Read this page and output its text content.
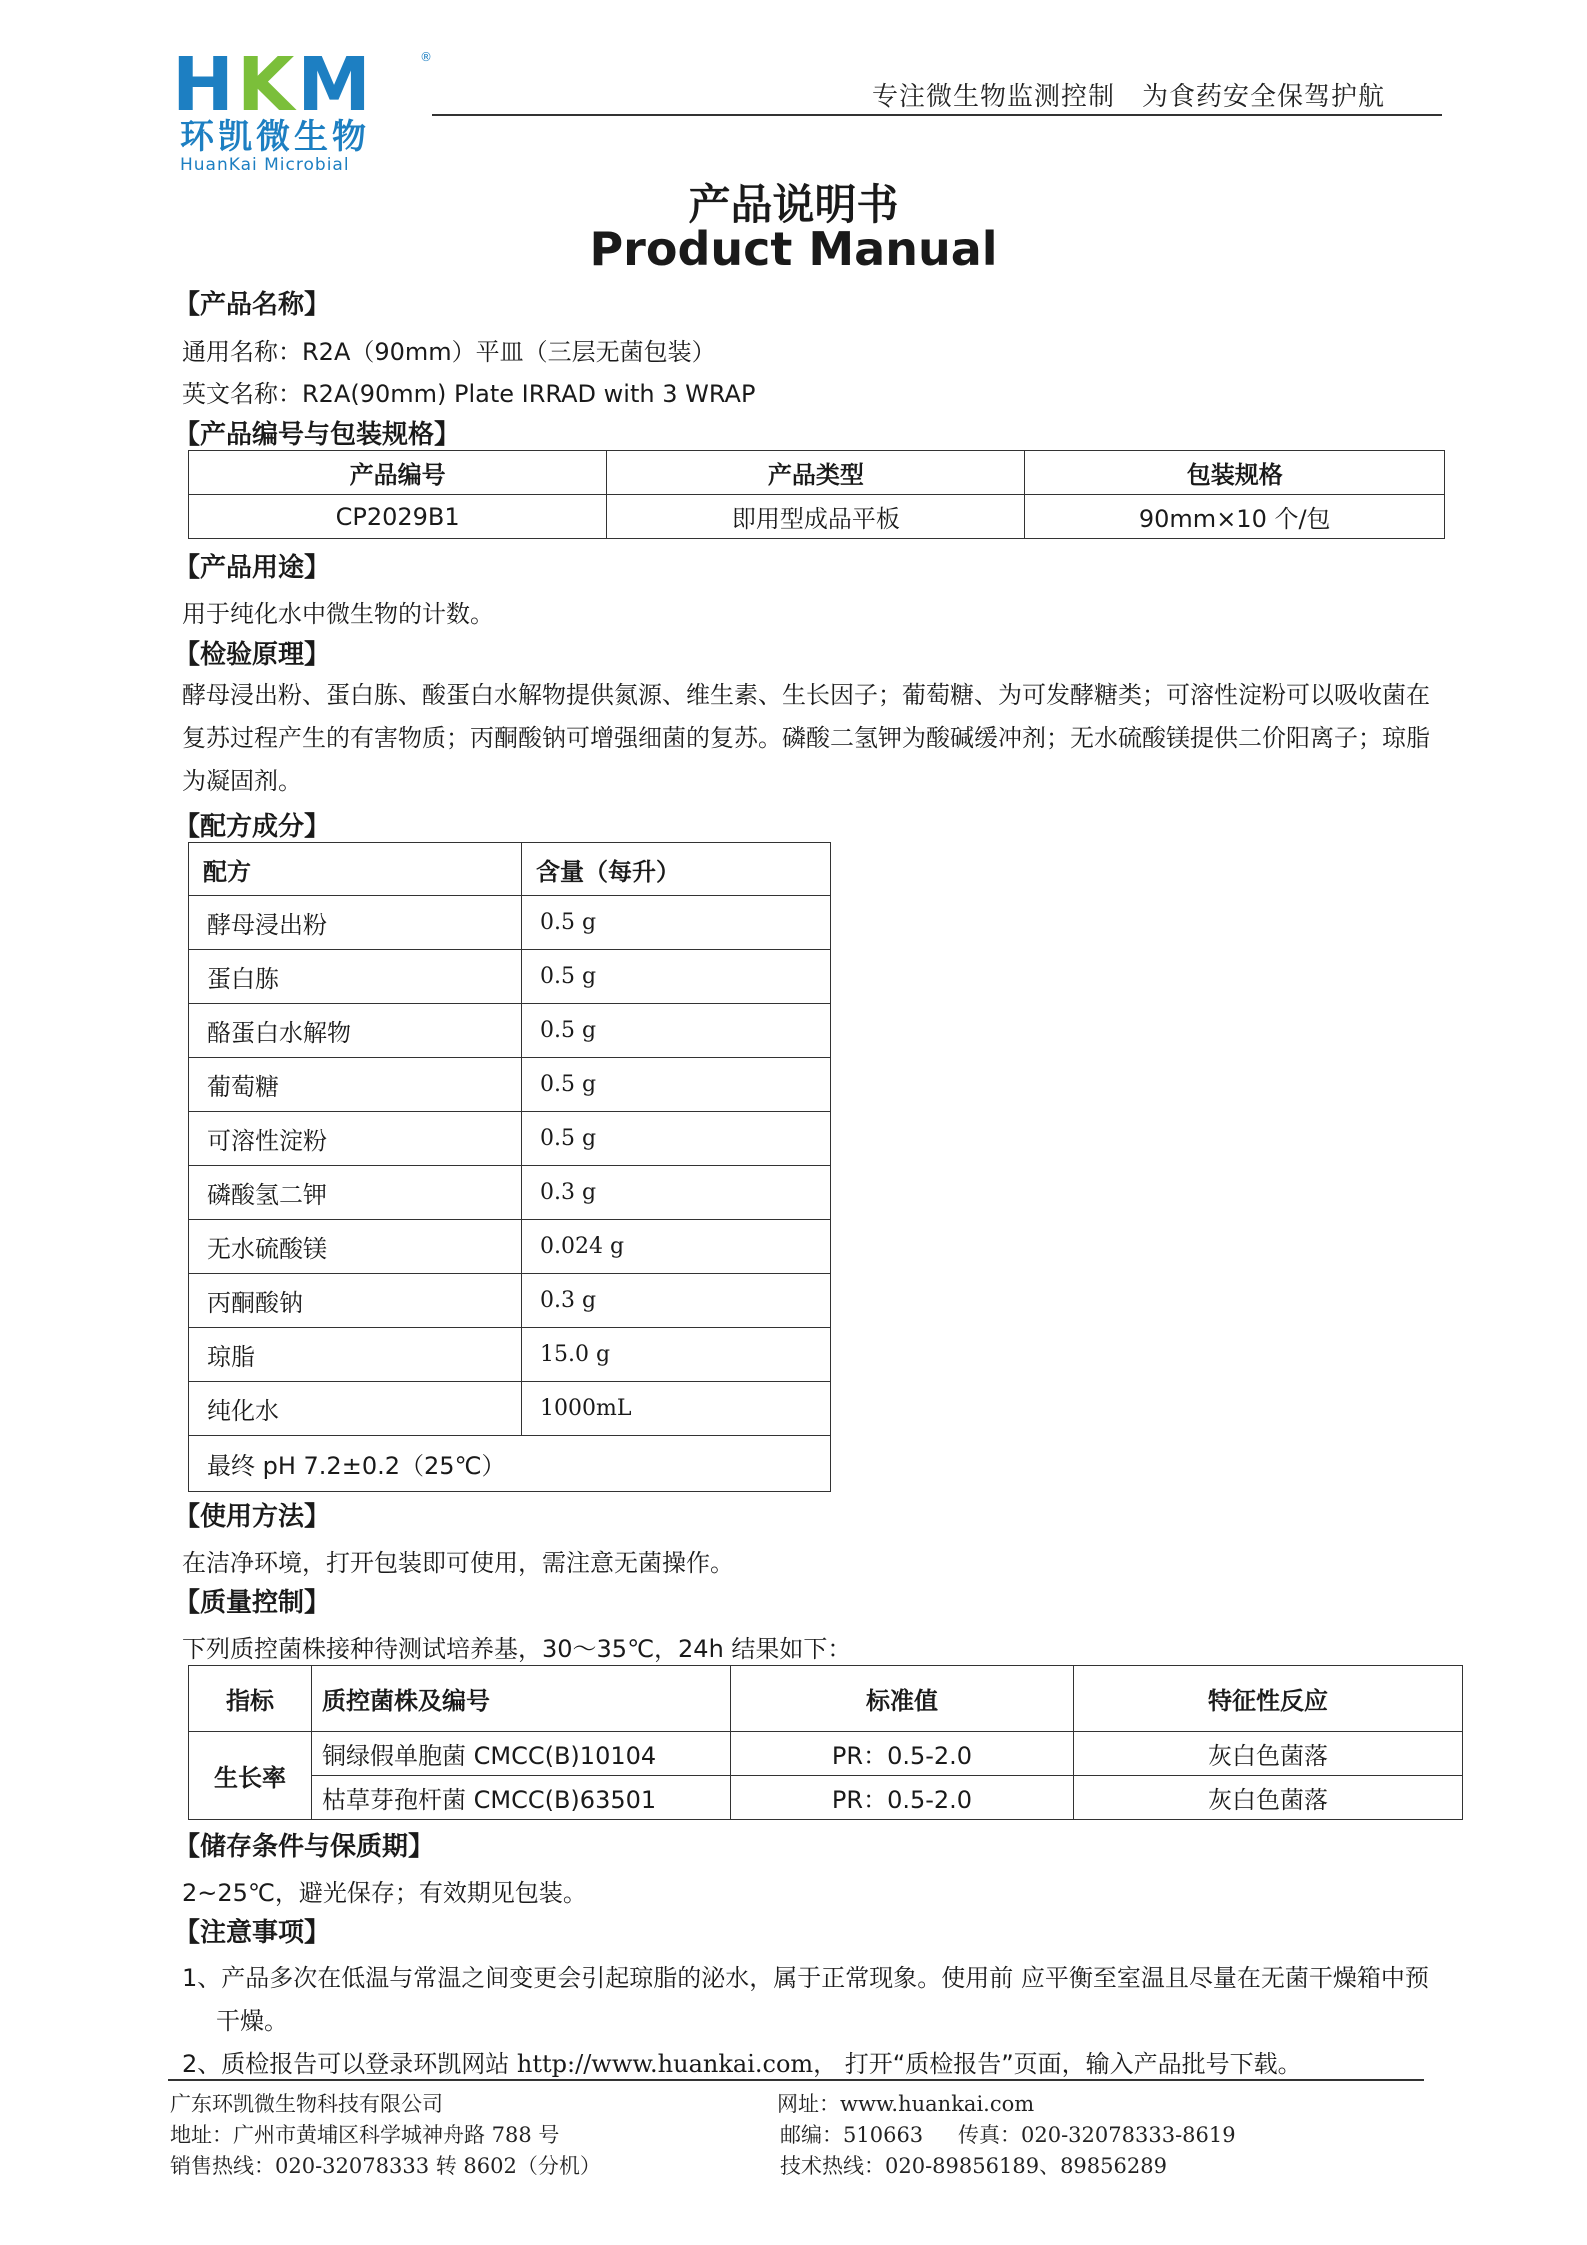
HKM	®
环凯微生物
HuanKai Microbial
专注微生物监测控制　为食药安全保驾护航
产品说明书
Product Manual
【产品名称】
通用名称：R2A（90mm）平皿（三层无菌包装）
英文名称：R2A(90mm) Plate IRRAD with 3 WRAP
【产品编号与包装规格】
产品编号	产品类型	包装规格
CP2029B1	即用型成品平板	90mm×10 个/包
【产品用途】
用于纯化水中微生物的计数。
【检验原理】
酵母浸出粉、蛋白胨、酸蛋白水解物提供氮源、维生素、生长因子；葡萄糖、为可发酵糖类；可溶性淀粉可以吸收菌在
复苏过程产生的有害物质；丙酮酸钠可增强细菌的复苏。磷酸二氢钾为酸碱缓冲剂；无水硫酸镁提供二价阳离子；琼脂
为凝固剂。
【配方成分】
配方	含量（每升）
酵母浸出粉	0.5 g
蛋白胨	0.5 g
酪蛋白水解物	0.5 g
葡萄糖	0.5 g
可溶性淀粉	0.5 g
磷酸氢二钾	0.3 g
无水硫酸镁	0.024 g
丙酮酸钠	0.3 g
琼脂	15.0 g
纯化水	1000mL
最终 pH 7.2±0.2（25℃）	
【使用方法】
在洁净环境，打开包装即可使用，需注意无菌操作。
【质量控制】
下列质控菌株接种待测试培养基，30～35℃，24h 结果如下：
指标	质控菌株及编号	标准值	特征性反应
生长率	铜绿假单胞菌 CMCC(B)10104	PR：0.5-2.0	灰白色菌落
	枯草芽孢杆菌 CMCC(B)63501	PR：0.5-2.0	灰白色菌落
【储存条件与保质期】
2~25℃，避光保存；有效期见包装。
【注意事项】
1、产品多次在低温与常温之间变更会引起琼脂的泌水，属于正常现象。使用前 应平衡至室温且尽量在无菌干燥箱中预
干燥。
2、质检报告可以登录环凯网站 http://www.huankai.com， 打开“质检报告”页面，输入产品批号下载。
广东环凯微生物科技有限公司
地址：广州市黄埔区科学城神舟路 788 号
销售热线：020-32078333 转 8602（分机）
网址：www.huankai.com
邮编：510663 传真：020-32078333-8619
技术热线：020-89856189、89856289
